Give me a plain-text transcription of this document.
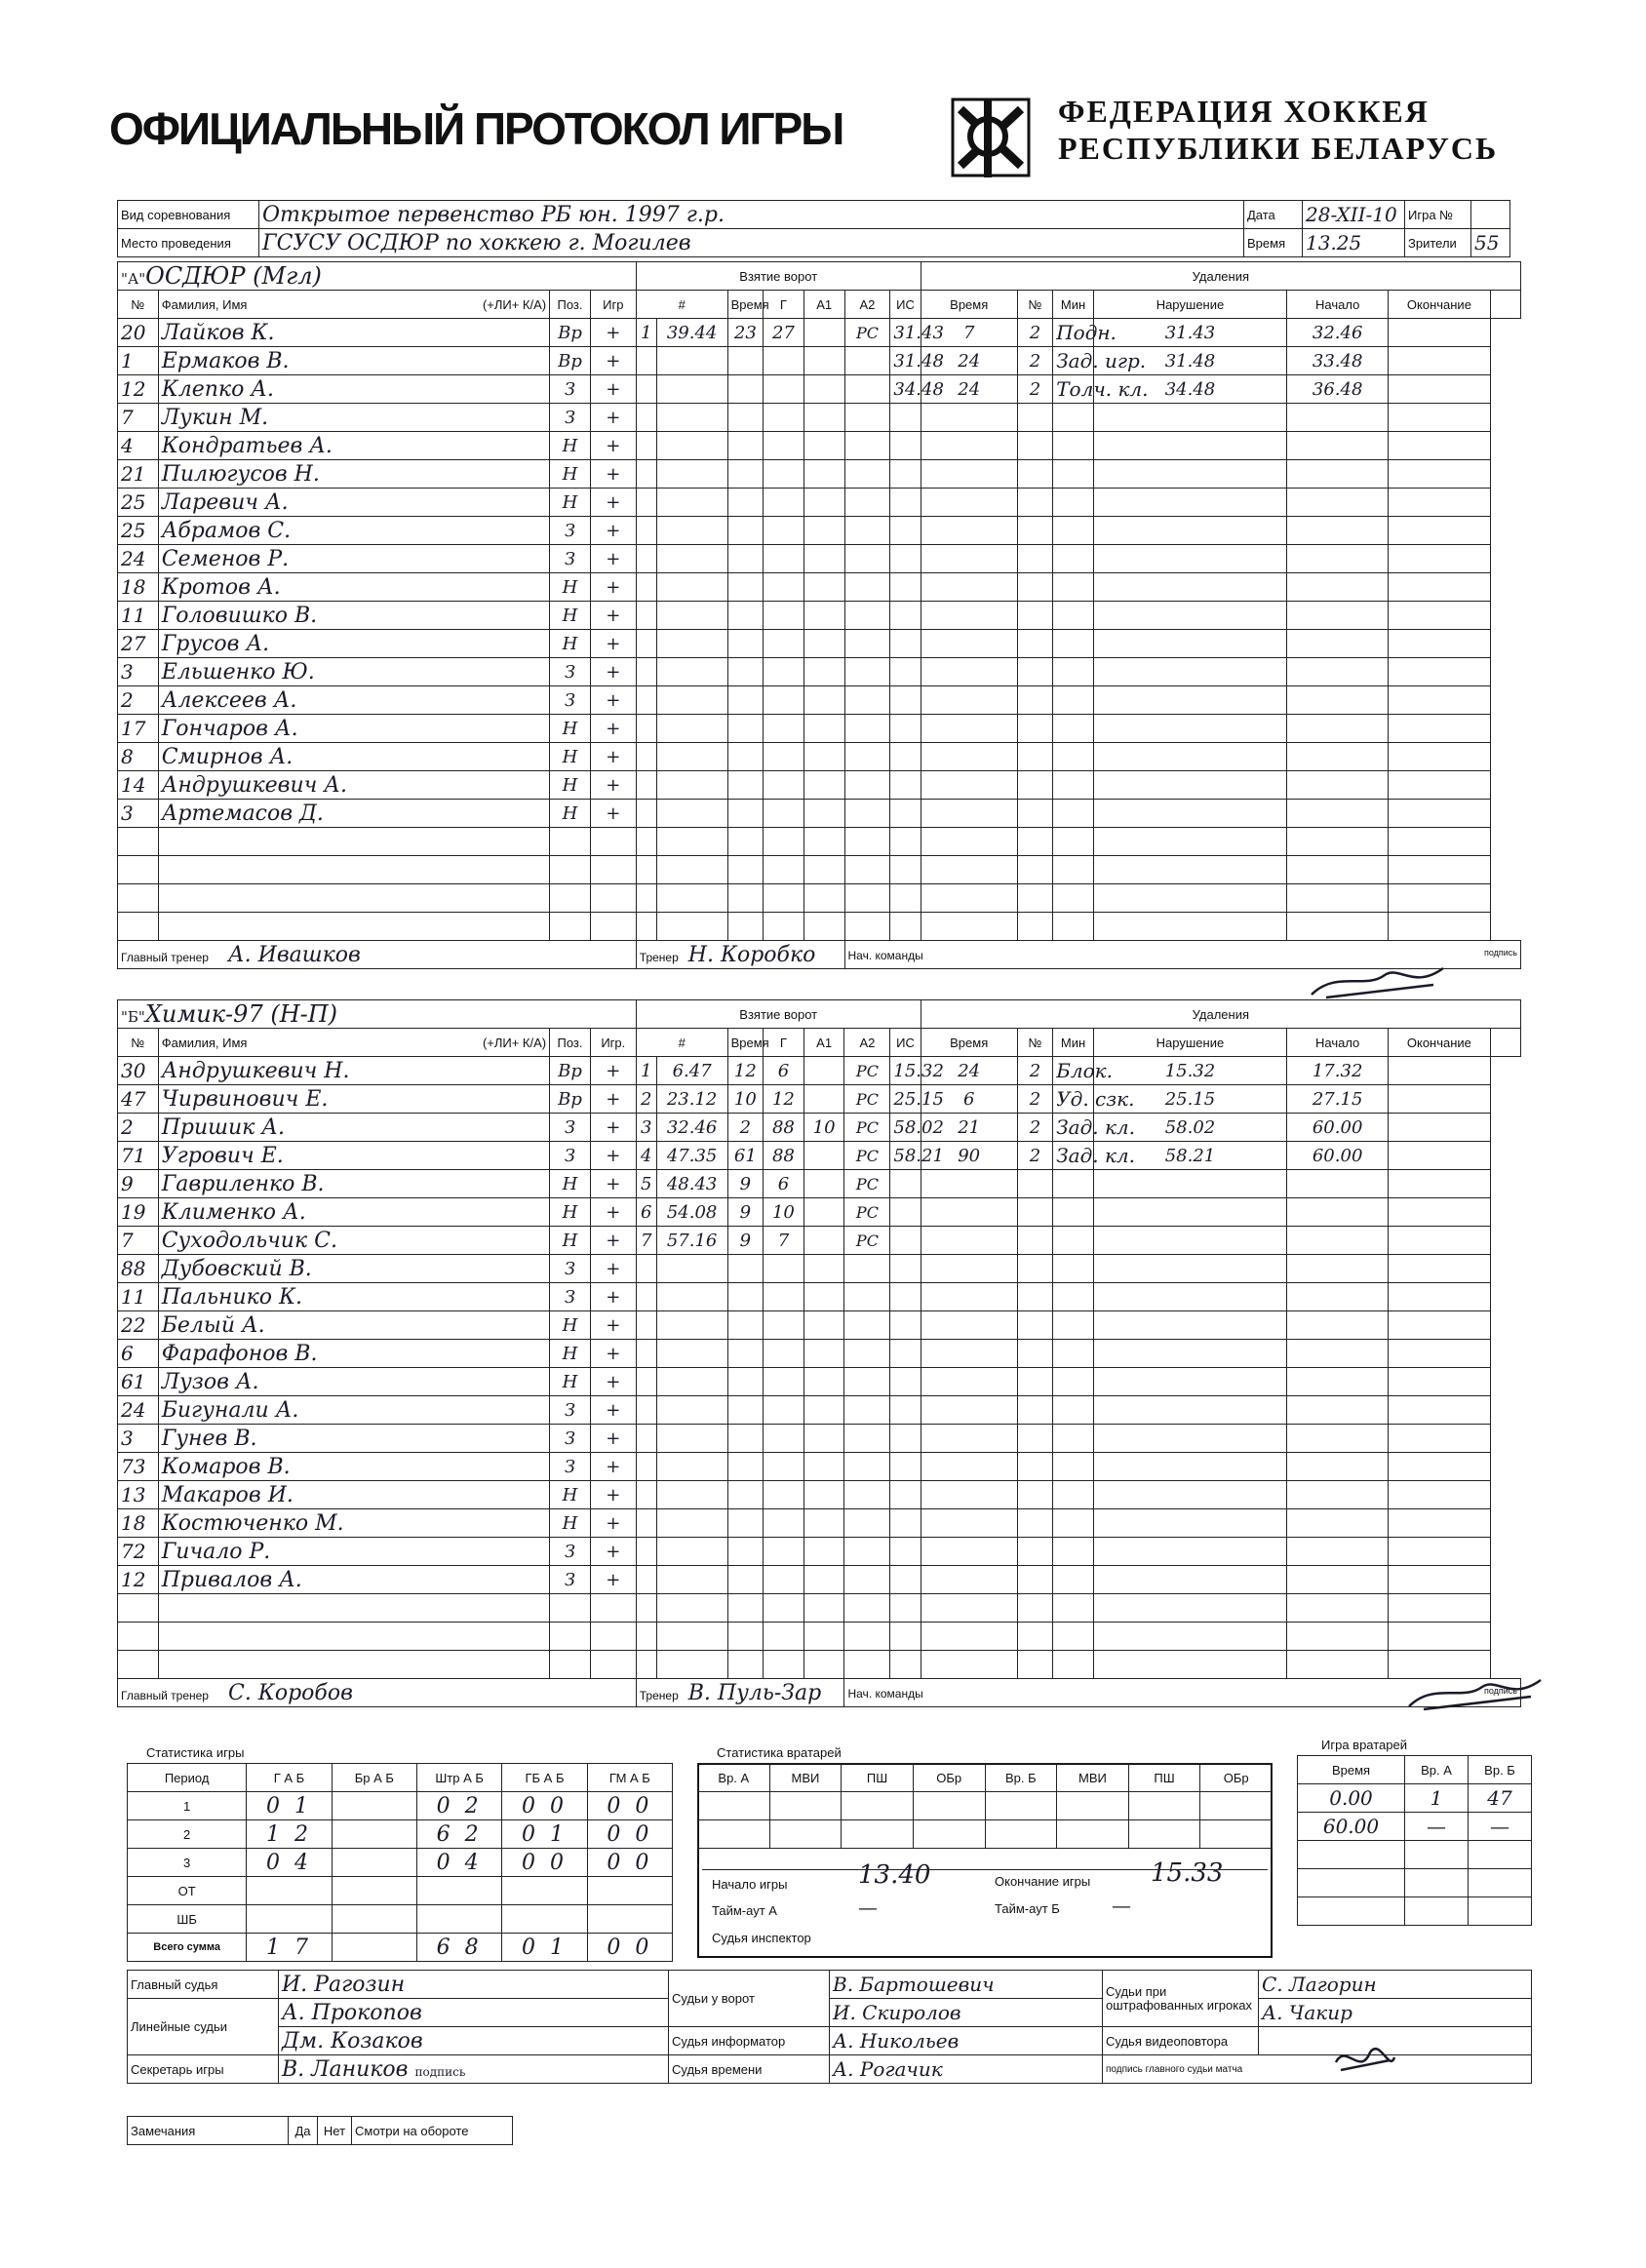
ОФИЦИАЛЬНЫЙ ПРОТОКОЛ ИГРЫ	ФЕДЕРАЦИЯ ХОККЕЯ
РЕСПУБЛИКИ БЕЛАРУСЬ
Вид соревнования	Открытое первенство РБ юн. 1997 г.р.	Дата	28-XII-10	Игра №	
Место проведения	ГСУСУ ОСДЮР по хоккею г. Могилев	Время	13.25	Зрители	55
"А"ОСДЮР (Мгл)				Взятие ворот							Удаления						
№	Фамилия, Имя (+ЛИ+ К/А)	Поз.	Игр	#		Время	Г	А1	А2	ИС	Время	№	Мин	Нарушение	Начало	Окончание	
20	Лайков К.	Вр	+	1	39.44	23	27		РС	31.43	7	2	Подн.	31.43	32.46		
1	Ермаков В.	Вр	+							31.48	24	2	Зад. игр.	31.48	33.48		
12	Клепко А.	З	+							34.48	24	2	Толч. кл.	34.48	36.48		
7	Лукин М.	З	+														
4	Кондратьев А.	Н	+														
21	Пилюгусов Н.	Н	+														
25	Ларевич А.	Н	+														
25	Абрамов С.	З	+														
24	Семенов Р.	З	+														
18	Кротов А.	Н	+														
11	Головишко В.	Н	+														
27	Грусов А.	Н	+														
3	Ельшенко Ю.	З	+														
2	Алексеев А.	З	+														
17	Гончаров А.	Н	+														
8	Смирнов А.	Н	+														
14	Андрушкевич А.	Н	+														
3	Артемасов Д.	Н	+														

Главный тренер А. Ивашков				Тренер Н. Коробко					Нач. команды подпись								
"Б"Химик-97 (Н-П)				Взятие ворот							Удаления						
№	Фамилия, Имя (+ЛИ+ К/А)	Поз.	Игр.	#		Время	Г	А1	А2	ИС	Время	№	Мин	Нарушение	Начало	Окончание	
30	Андрушкевич Н.	Вр	+	1	6.47	12	6		РС	15.32	24	2	Блок.	15.32	17.32		
47	Чирвинович Е.	Вр	+	2	23.12	10	12		РС	25.15	6	2	Уд. сзк.	25.15	27.15		
2	Пришик А.	З	+	3	32.46	2	88	10	РС	58.02	21	2	Зад. кл.	58.02	60.00		
71	Угрович Е.	З	+	4	47.35	61	88		РС	58.21	90	2	Зад. кл.	58.21	60.00		
9	Гавриленко В.	Н	+	5	48.43	9	6		РС								
19	Клименко А.	Н	+	6	54.08	9	10		РС								
7	Суходольчик С.	Н	+	7	57.16	9	7		РС								
88	Дубовский В.	З	+														
11	Пальнико К.	З	+														
22	Белый А.	Н	+														
6	Фарафонов В.	Н	+														
61	Лузов А.	Н	+														
24	Бигунали А.	З	+														
3	Гунев В.	З	+														
73	Комаров В.	З	+														
13	Макаров И.	Н	+														
18	Костюченко М.	Н	+														
72	Гичало Р.	З	+														
12	Привалов А.	З	+														

Главный тренер С. Коробов				Тренер В. Пуль-Зар					Нач. команды подпись								
Статистика игры
Период	Г А Б	Бр А Б	Штр А Б	ГБ А Б	ГМ А Б
1	0 1		0 2	0 0	0 0
2	1 2		6 2	0 1	0 0
3	0 4		0 4	0 0	0 0
ОТ					
ШБ					
Всего сумма	1 7		6 8	0 1	0 0
Статистика вратарей
Вр. А	МВИ	ПШ	ОБр	Вр. Б	МВИ	ПШ	ОБр

Начало игры	13.40	Окончание игры 15.33
Тайм-аут А	—	Тайм-аут Б	—
Судья инспектор
Игра вратарей
Время	Вр. А	Вр. Б
0.00	1	47
60.00	—	—

Главный судья	И. Рагозин	Судьи у ворот	В. Бартошевич	Судьи при оштрафованных игроках	С. Лагорин
Линейные судьи	А. Прокопов		И. Скиролов		А. Чакир
	Дм. Козаков	Судья информатор	А. Никольев	Судья видеоповтора	
Секретарь игры	В. Лаников подпись	Судья времени	А. Рогачик	подпись главного судьи матча	
Замечания	Да	Нет	Смотри на обороте
